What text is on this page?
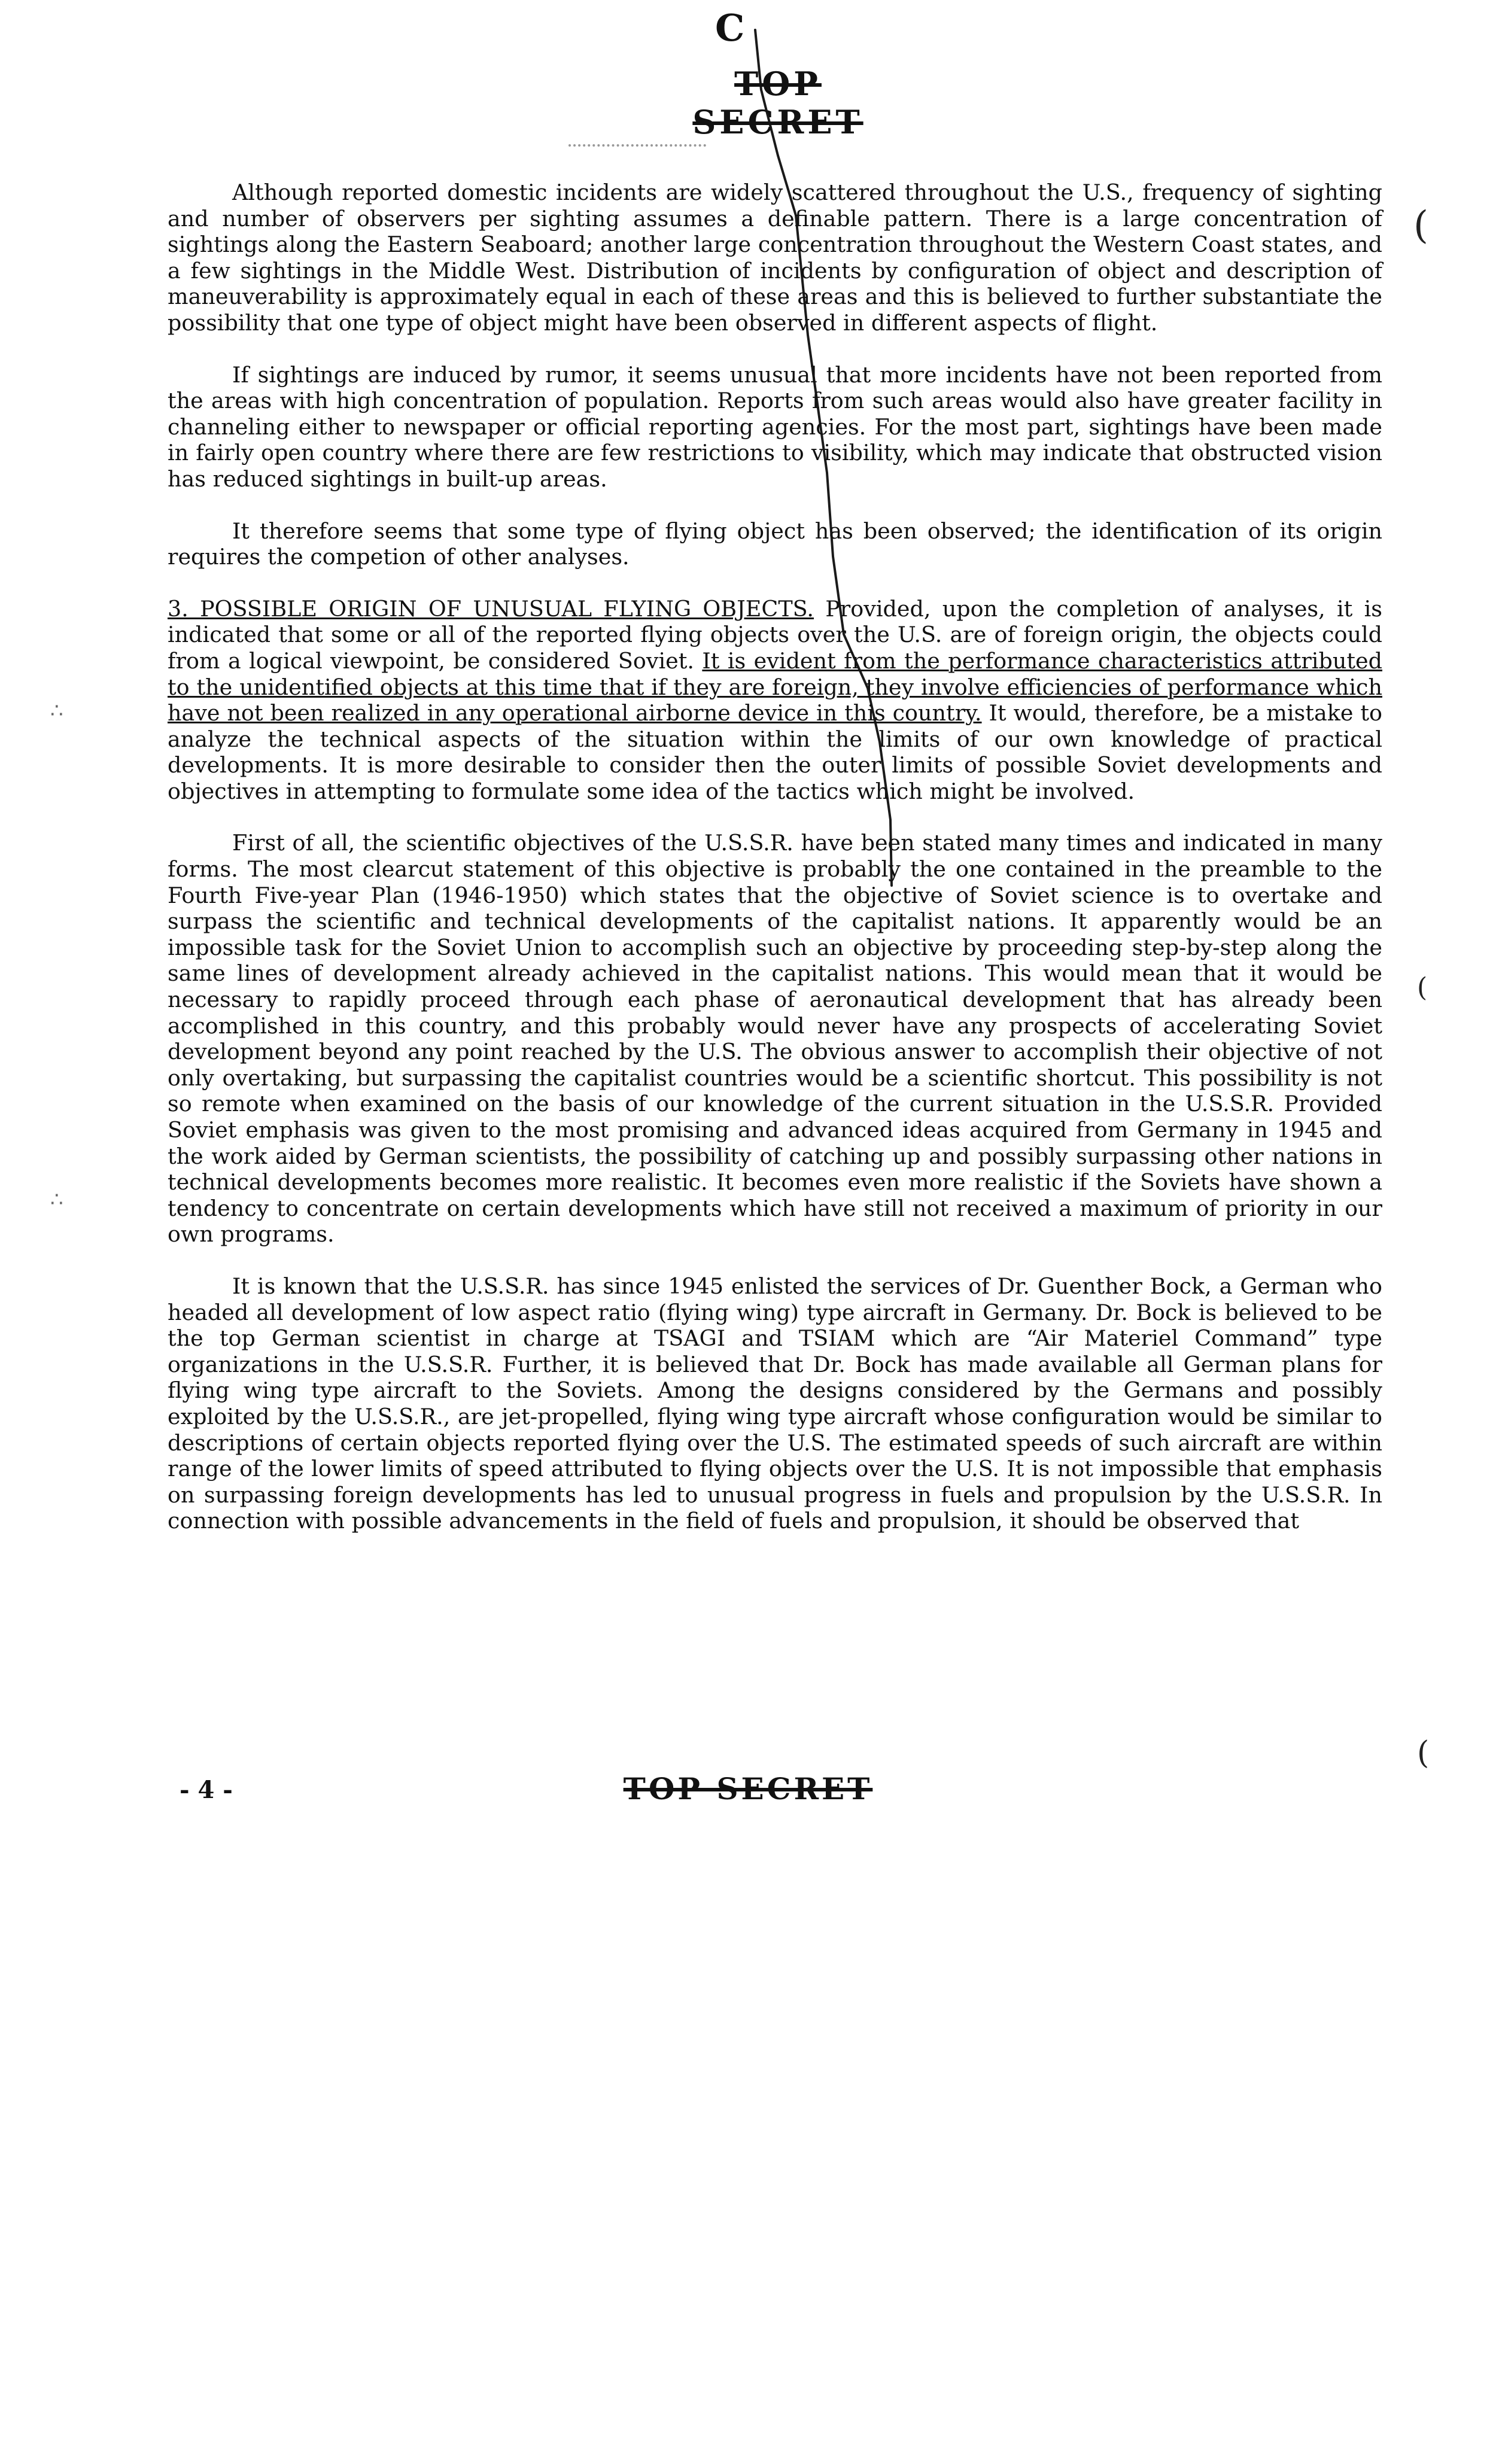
C
TOP SECRET
(
(
(
∴
∴

Although reported domestic incidents are widely scattered throughout the U.S., frequency of sighting and number of observers per sighting assumes a definable pattern. There is a large concentration of sightings along the Eastern Seaboard; another large concentration throughout the Western Coast states, and a few sightings in the Middle West. Distribution of incidents by configuration of object and description of maneuverability is approximately equal in each of these areas and this is believed to further substantiate the possibility that one type of object might have been observed in different aspects of flight.

If sightings are induced by rumor, it seems unusual that more incidents have not been reported from the areas with high concentration of population. Reports from such areas would also have greater facility in channeling either to newspaper or official reporting agencies. For the most part, sightings have been made in fairly open country where there are few restrictions to visibility, which may indicate that obstructed vision has reduced sightings in built-up areas.

It therefore seems that some type of flying object has been observed; the identification of its origin requires the competion of other analyses.

3. POSSIBLE ORIGIN OF UNUSUAL FLYING OBJECTS. Provided, upon the completion of analyses, it is indicated that some or all of the reported flying objects over the U.S. are of foreign origin, the objects could from a logical viewpoint, be considered Soviet. It is evident from the performance characteristics attributed to the unidentified objects at this time that if they are foreign, they involve efficiencies of performance which have not been realized in any operational airborne device in this country. It would, therefore, be a mistake to analyze the technical aspects of the situation within the limits of our own knowledge of practical developments. It is more desirable to consider then the outer limits of possible Soviet developments and objectives in attempting to formulate some idea of the tactics which might be involved.

First of all, the scientific objectives of the U.S.S.R. have been stated many times and indicated in many forms. The most clearcut statement of this objective is probably the one contained in the preamble to the Fourth Five-year Plan (1946-1950) which states that the objective of Soviet science is to overtake and surpass the scientific and technical developments of the capitalist nations. It apparently would be an impossible task for the Soviet Union to accomplish such an objective by proceeding step-by-step along the same lines of development already achieved in the capitalist nations. This would mean that it would be necessary to rapidly proceed through each phase of aeronautical development that has already been accomplished in this country, and this probably would never have any prospects of accelerating Soviet development beyond any point reached by the U.S. The obvious answer to accomplish their objective of not only overtaking, but surpassing the capitalist countries would be a scientific shortcut. This possibility is not so remote when examined on the basis of our knowledge of the current situation in the U.S.S.R. Provided Soviet emphasis was given to the most promising and advanced ideas acquired from Germany in 1945 and the work aided by German scientists, the possibility of catching up and possibly surpassing other nations in technical developments becomes more realistic. It becomes even more realistic if the Soviets have shown a tendency to concentrate on certain developments which have still not received a maximum of priority in our own programs.

It is known that the U.S.S.R. has since 1945 enlisted the services of Dr. Guenther Bock, a German who headed all development of low aspect ratio (flying wing) type aircraft in Germany. Dr. Bock is believed to be the top German scientist in charge at TSAGI and TSIAM which are “Air Materiel Command” type organizations in the U.S.S.R. Further, it is believed that Dr. Bock has made available all German plans for flying wing type aircraft to the Soviets. Among the designs considered by the Germans and possibly exploited by the U.S.S.R., are jet-propelled, flying wing type aircraft whose configuration would be similar to descriptions of certain objects reported flying over the U.S. The estimated speeds of such aircraft are within range of the lower limits of speed attributed to flying objects over the U.S. It is not impossible that emphasis on surpassing foreign developments has led to unusual progress in fuels and propulsion by the U.S.S.R. In connection with possible advancements in the field of fuels and propulsion, it should be observed that

- 4 -	TOP SECRET
